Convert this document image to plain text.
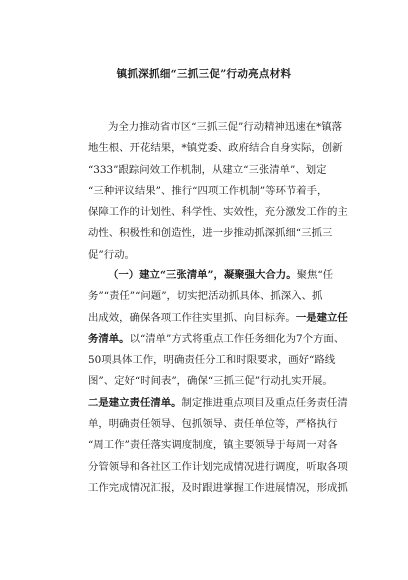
镇抓深抓细“三抓三促”行动亮点材料
为全力推动省市区“三抓三促”行动精神迅速在*镇落
地生根、开花结果，*镇党委、政府结合自身实际，创新
“333”跟踪问效工作机制，从建立“三张清单”、划定
“三种评议结果”、推行“四项工作机制”等环节着手，
保障工作的计划性、科学性、实效性，充分激发工作的主
动性、积极性和创造性，进一步推动抓深抓细“三抓三
促”行动。
（一）建立“三张清单”，凝聚强大合力。聚焦“任
务”“责任”“问题”，切实把活动抓具体、抓深入、抓
出成效，确保各项工作往实里抓、向目标奔。一是建立任
务清单。以“清单”方式将重点工作任务细化为7个方面、
50项具体工作，明确责任分工和时限要求，画好“路线
图”、定好“时间表”，确保“三抓三促”行动扎实开展。
二是建立责任清单。制定推进重点项目及重点任务责任清
单，明确责任领导、包抓领导、责任单位等，严格执行
“周工作”责任落实调度制度，镇主要领导于每周一对各
分管领导和各社区工作计划完成情况进行调度，听取各项
工作完成情况汇报，及时跟进掌握工作进展情况，形成抓
